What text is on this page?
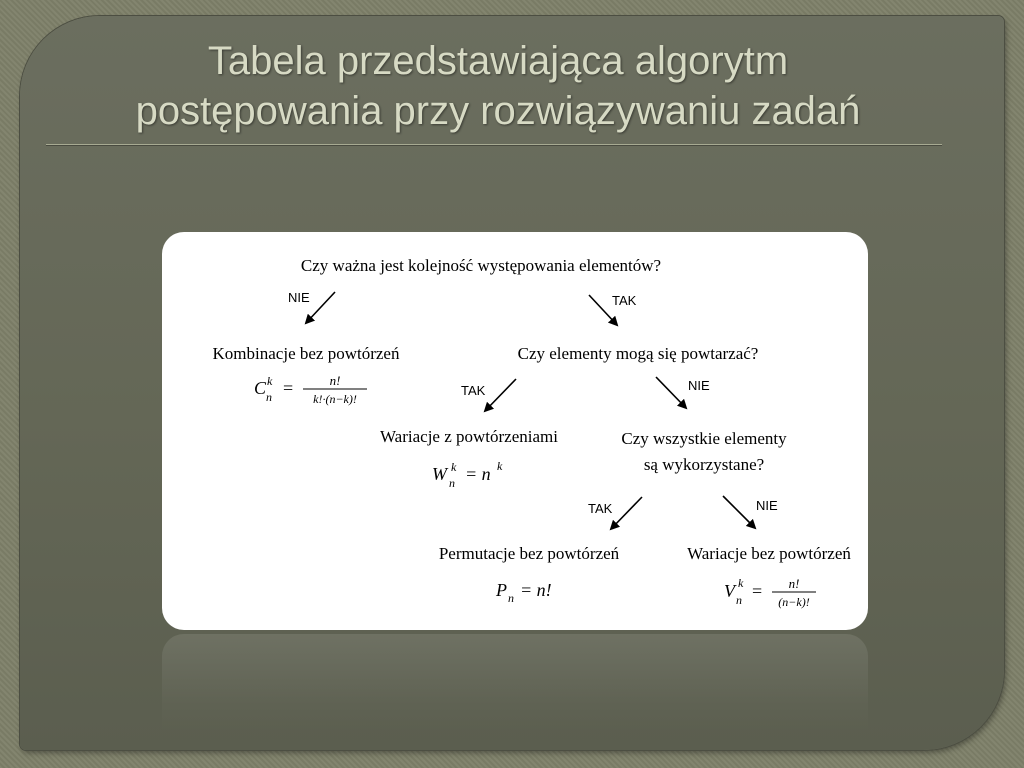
Tabela przedstawiająca algorytm
postępowania przy rozwiązywaniu zadań
Czy ważna jest kolejność występowania elementów?
NIE	TAK
Kombinacje bez powtórzeń
C k
n =	n!
k!·(n−k)!
Czy elementy mogą się powtarzać?
TAK	NIE
Wariacje z powtórzeniami
W k
n = n k
Czy wszystkie elementy
są wykorzystane?
TAK	NIE
Permutacje bez powtórzeń
P n = n!
Wariacje bez powtórzeń
V k
n = n!
(n−k)!
